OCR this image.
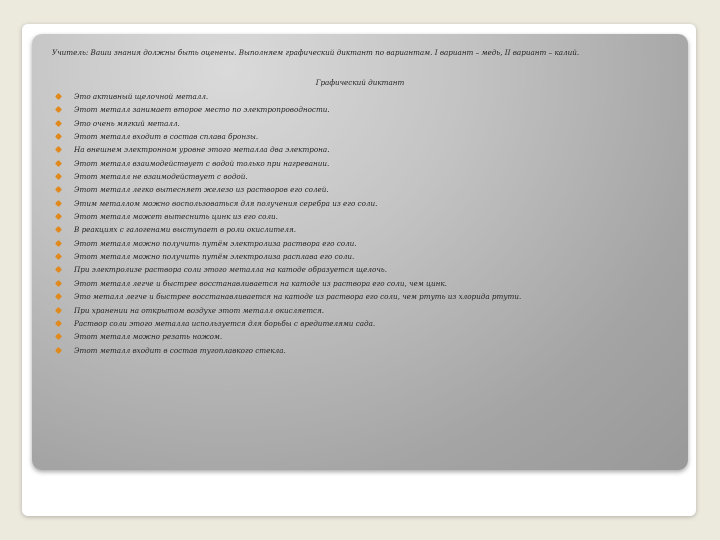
Учитель: Ваши знания должны быть оценены. Выполняем графический диктант по вариантам. I вариант – медь, II вариант – калий.
Графический диктант
Это активный щелочной металл.
Этот металл занимает второе место по электропроводности.
Это очень мягкий металл.
Этот металл входит в состав сплава бронзы.
На внешнем электронном уровне этого металла два электрона.
Этот металл взаимодействует с водой только при нагревании.
Этот металл не взаимодействует с водой.
Этот металл легко вытесняет железо из растворов его солей.
Этим металлом можно воспользоваться для получения серебра из его соли.
Этот металл может вытеснить цинк из его соли.
В реакциях с галогенами выступает в роли окислителя.
Этот металл можно получить путём электролиза раствора его соли.
Этот металл можно получить путём электролиза расплава его соли.
При электролизе раствора соли этого металла на катоде образуется щелочь.
Этот металл легче и быстрее восстанавливается на катоде из раствора его соли, чем цинк.
Это металл легче и быстрее восстанавливается на катоде из раствора его соли, чем ртуть из хлорида ртути.
При хранении на открытом воздухе этот металл окисляется.
Раствор соли этого металла используется для борьбы с вредителями сада.
Этот металл можно резать ножом.
Этот металл входит в состав тугоплавкого стекла.
